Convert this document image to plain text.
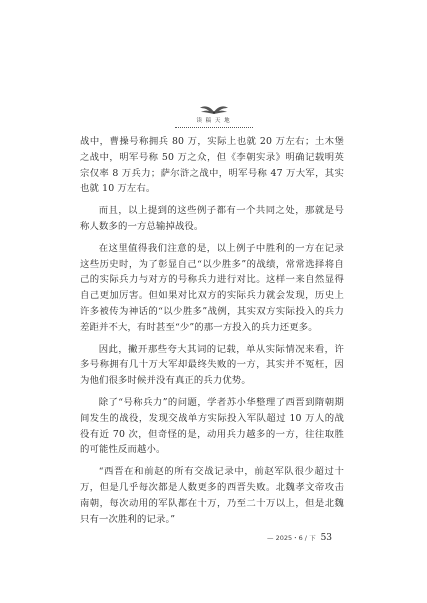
读 稿 天 地

战中，曹操号称拥兵 80 万，实际上也就 20 万左右；土木堡之战中，明军号称 50 万之众，但《李朝实录》明确记载明英宗仅率 8 万兵力；萨尔浒之战中，明军号称 47 万大军，其实也就 10 万左右。

而且，以上提到的这些例子都有一个共同之处，那就是号称人数多的一方总输掉战役。

在这里值得我们注意的是，以上例子中胜利的一方在记录这些历史时，为了彰显自己“以少胜多”的战绩，常常选择将自己的实际兵力与对方的号称兵力进行对比。这样一来自然显得自己更加厉害。但如果对比双方的实际兵力就会发现，历史上许多被传为神话的“以少胜多”战例，其实双方实际投入的兵力差距并不大，有时甚至“少”的那一方投入的兵力还更多。

因此，撇开那些夸大其词的记载，单从实际情况来看，许多号称拥有几十万大军却最终失败的一方，其实并不冤枉，因为他们很多时候并没有真正的兵力优势。

除了“号称兵力”的问题，学者苏小华整理了西晋到隋朝期间发生的战役，发现交战单方实际投入军队超过 10 万人的战役有近 70 次，但奇怪的是，动用兵力越多的一方，往往取胜的可能性反而越小。

“西晋在和前赵的所有交战记录中，前赵军队很少超过十万，但是几乎每次都是人数更多的西晋失败。北魏孝文帝攻击南朝，每次动用的军队都在十万，乃至二十万以上，但是北魏只有一次胜利的记录。”

— 2025・6 / 下 53
